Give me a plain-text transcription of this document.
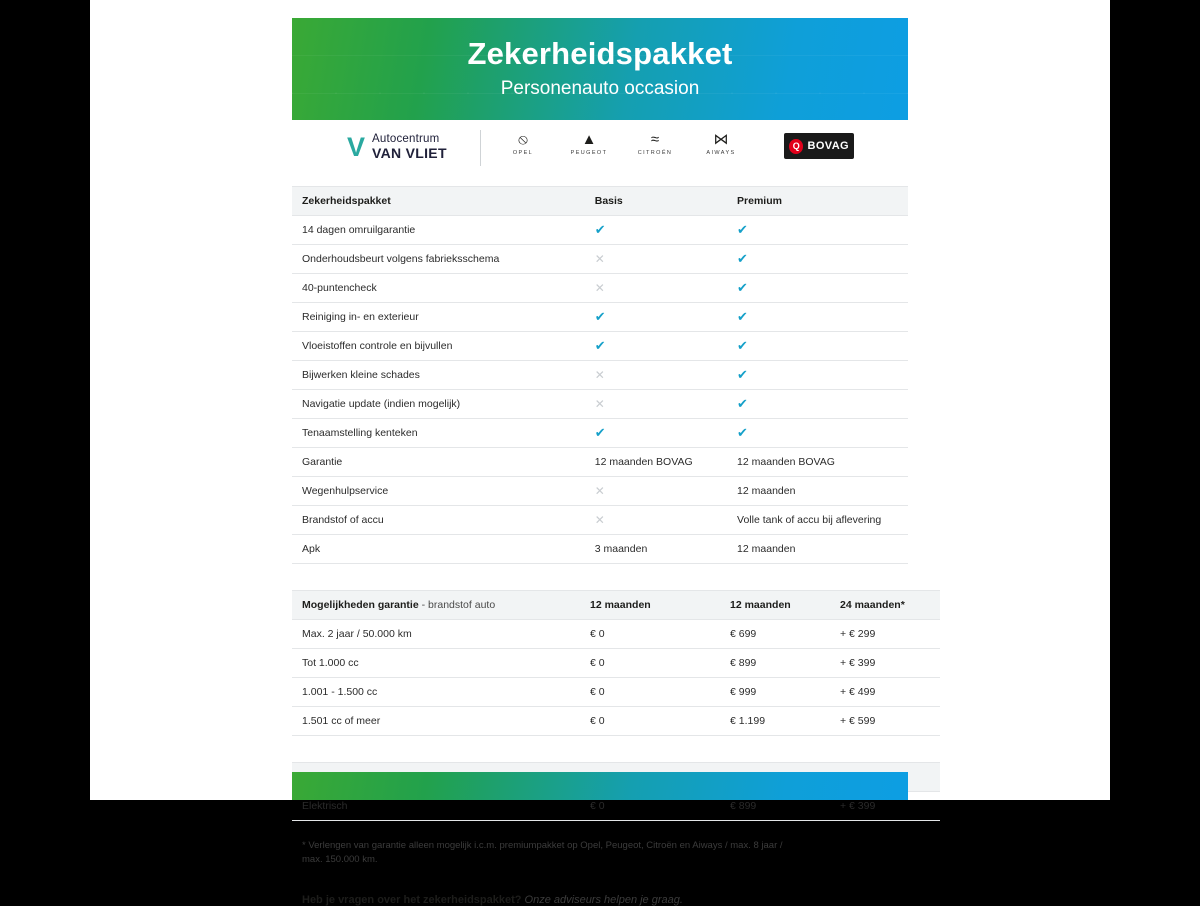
Zekerheidspakket
Personenauto occasion
V Autocentrum
VAN VLIET
⦸
OPEL
▲
PEUGEOT
≈
CITROËN
⋈
AIWAYS
Q BOVAG
Zekerheidspakket	Basis	Premium
14 dagen omruilgarantie	✔	✔
Onderhoudsbeurt volgens fabrieksschema	✕	✔
40-puntencheck	✕	✔
Reiniging in- en exterieur	✔	✔
Vloeistoffen controle en bijvullen	✔	✔
Bijwerken kleine schades	✕	✔
Navigatie update (indien mogelijk)	✕	✔
Tenaamstelling kenteken	✔	✔
Garantie	12 maanden BOVAG	12 maanden BOVAG
Wegenhulpservice	✕	12 maanden
Brandstof of accu	✕	Volle tank of accu bij aflevering
Apk	3 maanden	12 maanden
Mogelijkheden garantie - brandstof auto	12 maanden	12 maanden	24 maanden*
Max. 2 jaar / 50.000 km	€ 0	€ 699	+ € 299
Tot 1.000 cc	€ 0	€ 899	+ € 399
1.001 - 1.500 cc	€ 0	€ 999	+ € 499
1.501 cc of meer	€ 0	€ 1.199	+ € 599

Elektrisch	€ 0	€ 899	+ € 399
* Verlengen van garantie alleen mogelijk i.c.m. premiumpakket op Opel, Peugeot, Citroën en Aiways / max. 8 jaar / max. 150.000 km.
Heb je vragen over het zekerheidspakket? Onze adviseurs helpen je graag.
